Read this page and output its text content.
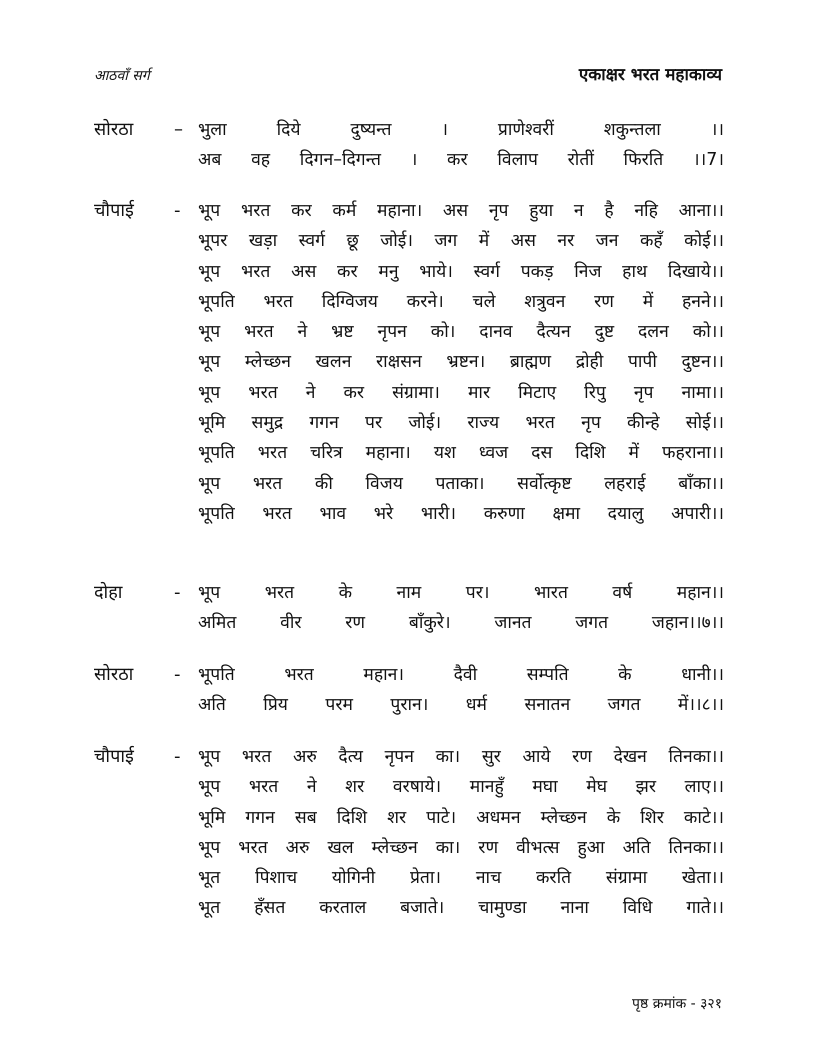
आठवाँ सर्ग	एकाक्षर भरत महाकाव्य
सोरठा	– भुला दिये दुष्यन्त । प्राणेश्वरीं शकुन्तला ।।
अब वह दिगन–दिगन्त । कर विलाप रोतीं फिरति ।।7।
चौपाई	-	भूप भरत कर कर्म महाना। अस नृप हुया न है नहि आना।।
भूपर खड़ा स्वर्ग छू जोई। जग में अस नर जन कहँ कोई।।
भूप भरत अस कर मनु भाये। स्वर्ग पकड़ निज हाथ दिखाये।।
भूपति भरत दिग्विजय करने। चले शत्रुवन रण में हनने।।
भूप भरत ने भ्रष्ट नृपन को। दानव दैत्यन दुष्ट दलन को।।
भूप म्लेच्छन खलन राक्षसन भ्रष्टन। ब्राह्मण द्रोही पापी दुष्टन।।
भूप भरत ने कर संग्रामा। मार मिटाए रिपु नृप नामा।।
भूमि समुद्र गगन पर जोई। राज्य भरत नृप कीन्हे सोई।।
भूपति भरत चरित्र महाना। यश ध्वज दस दिशि में फहराना।।
भूप भरत की विजय पताका। सर्वोत्कृष्ट लहराई बाँका।।
भूपति भरत भाव भरे भारी। करुणा क्षमा दयालु अपारी।।
दोहा	-	भूप भरत के नाम पर। भारत वर्ष महान।।
अमित वीर रण बाँकुरे। जानत जगत जहान।।७।।
सोरठा	-	भूपति भरत महान। दैवी सम्पति के धानी।।
अति प्रिय परम पुरान। धर्म सनातन जगत में।।८।।
चौपाई	-	भूप भरत अरु दैत्य नृपन का। सुर आये रण देखन तिनका।।
भूप भरत ने शर वरषाये। मानहुँ मघा मेघ झर लाए।।
भूमि गगन सब दिशि शर पाटे। अधमन म्लेच्छन के शिर काटे।।
भूप भरत अरु खल म्लेच्छन का। रण वीभत्स हुआ अति तिनका।।
भूत पिशाच योगिनी प्रेता। नाच करति संग्रामा खेता।।
भूत हँसत करताल बजाते। चामुण्डा नाना विधि गाते।।
पृष्ठ क्रमांक - ३२१
